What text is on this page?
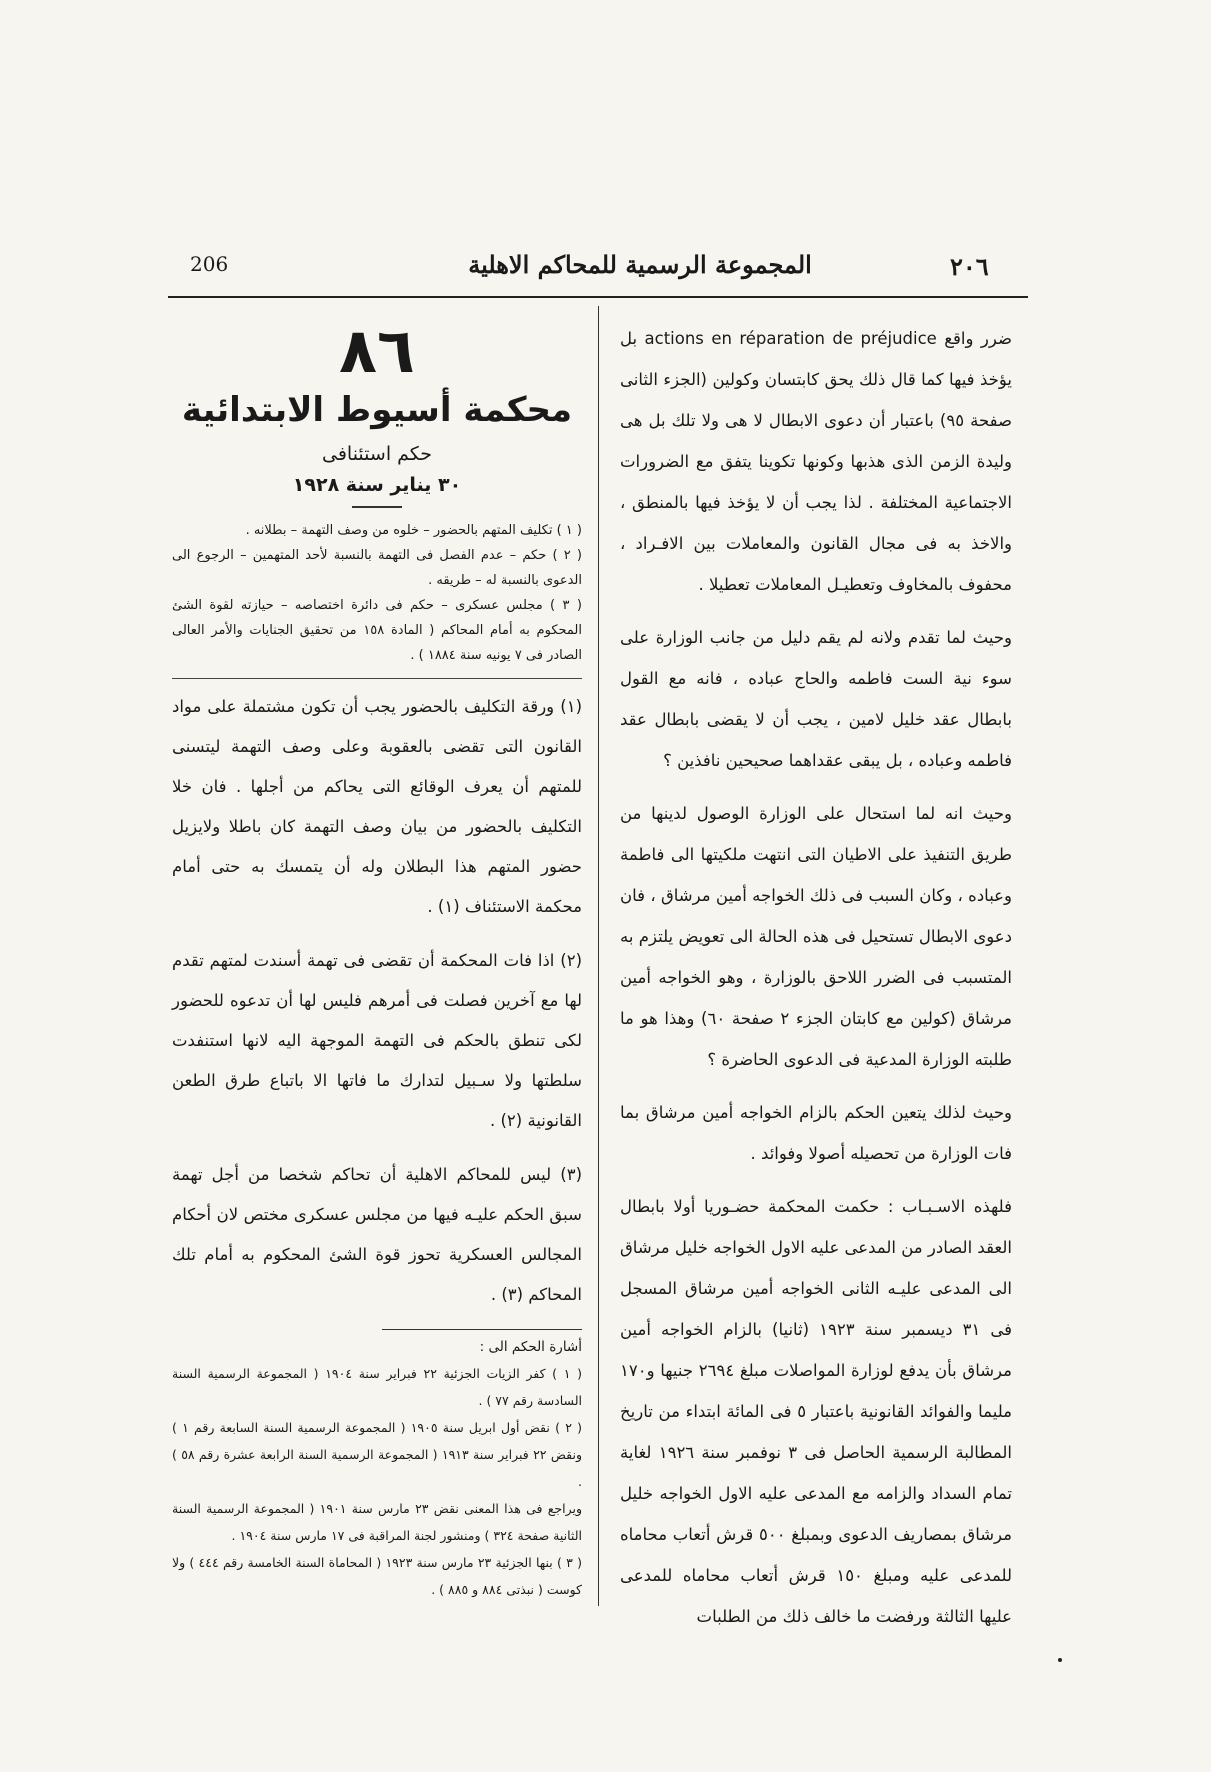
206	المجموعة الرسمية للمحاكم الاهلية	٢٠٦

ضرر واقع actions en réparation de préjudice بل يؤخذ فيها كما قال ذلك يحق كابتسان وكولين (الجزء الثانى صفحة ٩٥) باعتبار أن دعوى الابطال لا هى ولا تلك بل هى وليدة الزمن الذى هذبها وكونها تكوينا يتفق مع الضرورات الاجتماعية المختلفة . لذا يجب أن لا يؤخذ فيها بالمنطق ، والاخذ به فى مجال القانون والمعاملات بين الافـراد ، محفوف بالمخاوف وتعطيـل المعاملات تعطيلا .

وحيث لما تقدم ولانه لم يقم دليل من جانب الوزارة على سوء نية الست فاطمه والحاج عباده ، فانه مع القول بابطال عقد خليل لامين ، يجب أن لا يقضى بابطال عقد فاطمه وعباده ، بل يبقى عقداهما صحيحين نافذين ؟

وحيث انه لما استحال على الوزارة الوصول لدينها من طريق التنفيذ على الاطيان التى انتهت ملكيتها الى فاطمة وعباده ، وكان السبب فى ذلك الخواجه أمين مرشاق ، فان دعوى الابطال تستحيل فى هذه الحالة الى تعويض يلتزم به المتسبب فى الضرر اللاحق بالوزارة ، وهو الخواجه أمين مرشاق (كولين مع كابتان الجزء ٢ صفحة ٦٠) وهذا هو ما طلبته الوزارة المدعية فى الدعوى الحاضرة ؟

وحيث لذلك يتعين الحكم بالزام الخواجه أمين مرشاق بما فات الوزارة من تحصيله أصولا وفوائد .

فلهذه الاسـبـاب : حكمت المحكمة حضـوريا أولا بابطال العقد الصادر من المدعى عليه الاول الخواجه خليل مرشاق الى المدعى عليـه الثانى الخواجه أمين مرشاق المسجل فى ٣١ ديسمبر سنة ١٩٢٣ (ثانيا) بالزام الخواجه أمين مرشاق بأن يدفع لوزارة المواصلات مبلغ ٢٦٩٤ جنيها و١٧٠ مليما والفوائد القانونية باعتبار ٥ فى المائة ابتداء من تاريخ المطالبة الرسمية الحاصل فى ٣ نوفمبر سنة ١٩٢٦ لغاية تمام السداد والزامه مع المدعى عليه الاول الخواجه خليل مرشاق بمصاريف الدعوى وبمبلغ ٥٠٠ قرش أتعاب محاماه للمدعى عليه ومبلغ ١٥٠ قرش أتعاب محاماه للمدعى عليها الثالثة ورفضت ما خالف ذلك من الطلبات

٨٦
محكمة أسيوط الابتدائية
حكم استئنافى
٣٠ يناير سنة ١٩٢٨

( ١ ) تكليف المتهم بالحضور – خلوه من وصف التهمة – بطلانه .

( ٢ ) حكم – عدم الفصل فى التهمة بالنسبة لأحد المتهمين – الرجوع الى الدعوى بالنسبة له – طريقه .

( ٣ ) مجلس عسكرى – حكم فى دائرة اختصاصه – حيازته لقوة الشئ المحكوم به أمام المحاكم ( المادة ١٥٨ من تحقيق الجنايات والأمر العالى الصادر فى ٧ يونيه سنة ١٨٨٤ ) .

(١) ورقة التكليف بالحضور يجب أن تكون مشتملة على مواد القانون التى تقضى بالعقوبة وعلى وصف التهمة ليتسنى للمتهم أن يعرف الوقائع التى يحاكم من أجلها . فان خلا التكليف بالحضور من بيان وصف التهمة كان باطلا ولايزيل حضور المتهم هذا البطلان وله أن يتمسك به حتى أمام محكمة الاستئناف (١) .

(٢) اذا فات المحكمة أن تقضى فى تهمة أسندت لمتهم تقدم لها مع آخرين فصلت فى أمرهم فليس لها أن تدعوه للحضور لكى تنطق بالحكم فى التهمة الموجهة اليه لانها استنفدت سلطتها ولا سـبيل لتدارك ما فاتها الا باتباع طرق الطعن القانونية (٢) .

(٣) ليس للمحاكم الاهلية أن تحاكم شخصا من أجل تهمة سبق الحكم عليـه فيها من مجلس عسكرى مختص لان أحكام المجالس العسكرية تحوز قوة الشئ المحكوم به أمام تلك المحاكم (٣) .

أشارة الحكم الى :

( ١ ) كفر الزيات الجزئية ٢٢ فبراير سنة ١٩٠٤ ( المجموعة الرسمية السنة السادسة رقم ٧٧ ) .

( ٢ ) نقض أول ابريل سنة ١٩٠٥ ( المجموعة الرسمية السنة السابعة رقم ١ ) ونقض ٢٢ فبراير سنة ١٩١٣ ( المجموعة الرسمية السنة الرابعة عشرة رقم ٥٨ ) .

ويراجع فى هذا المعنى نقض ٢٣ مارس سنة ١٩٠١ ( المجموعة الرسمية السنة الثانية صفحة ٣٢٤ ) ومنشور لجنة المراقبة فى ١٧ مارس سنة ١٩٠٤ .

( ٣ ) بنها الجزئية ٢٣ مارس سنة ١٩٢٣ ( المحاماة السنة الخامسة رقم ٤٤٤ ) ولا كوست ( نبذتى ٨٨٤ و ٨٨٥ ) .
